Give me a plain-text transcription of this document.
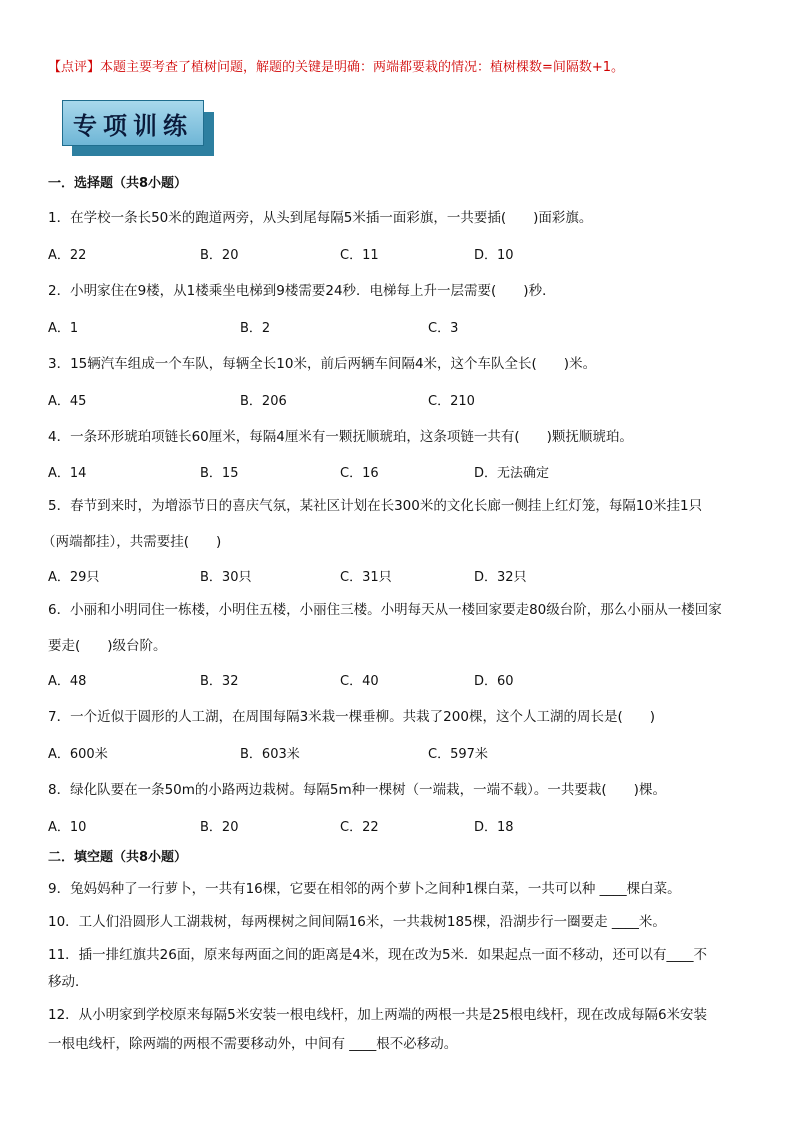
【点评】本题主要考查了植树问题，解题的关键是明确：两端都要栽的情况：植树棵数=间隔数+1。
专项训练
一．选择题（共8小题）
1．在学校一条长50米的跑道两旁，从头到尾每隔5米插一面彩旗，一共要插(　　)面彩旗。
A．22	B．20	C．11	D．10
2．小明家住在9楼，从1楼乘坐电梯到9楼需要24秒．电梯每上升一层需要(　　)秒．
A．1	B．2	C．3
3．15辆汽车组成一个车队，每辆全长10米，前后两辆车间隔4米，这个车队全长(　　)米。
A．45	B．206	C．210
4．一条环形琥珀项链长60厘米，每隔4厘米有一颗抚顺琥珀，这条项链一共有(　　)颗抚顺琥珀。
A．14	B．15	C．16	D．无法确定
5．春节到来时，为增添节日的喜庆气氛，某社区计划在长300米的文化长廊一侧挂上红灯笼，每隔10米挂1只
（两端都挂），共需要挂(　　)
A．29只	B．30只	C．31只	D．32只
6．小丽和小明同住一栋楼，小明住五楼，小丽住三楼。小明每天从一楼回家要走80级台阶，那么小丽从一楼回家
要走(　　)级台阶。
A．48	B．32	C．40	D．60
7．一个近似于圆形的人工湖，在周围每隔3米栽一棵垂柳。共栽了200棵，这个人工湖的周长是(　　)
A．600米	B．603米	C．597米
8．绿化队要在一条50m的小路两边栽树。每隔5m种一棵树（一端栽，一端不载）。一共要栽(　　)棵。
A．10	B．20	C．22	D．18
二．填空题（共8小题）
9．兔妈妈种了一行萝卜，一共有16棵，它要在相邻的两个萝卜之间种1棵白菜，一共可以种 ____棵白菜。
10．工人们沿圆形人工湖栽树，每两棵树之间间隔16米，一共栽树185棵，沿湖步行一圈要走 ____米。
11．插一排红旗共26面，原来每两面之间的距离是4米，现在改为5米．如果起点一面不移动，还可以有____不
移动．
12．从小明家到学校原来每隔5米安装一根电线杆，加上两端的两根一共是25根电线杆，现在改成每隔6米安装
一根电线杆，除两端的两根不需要移动外，中间有 ____根不必移动。
